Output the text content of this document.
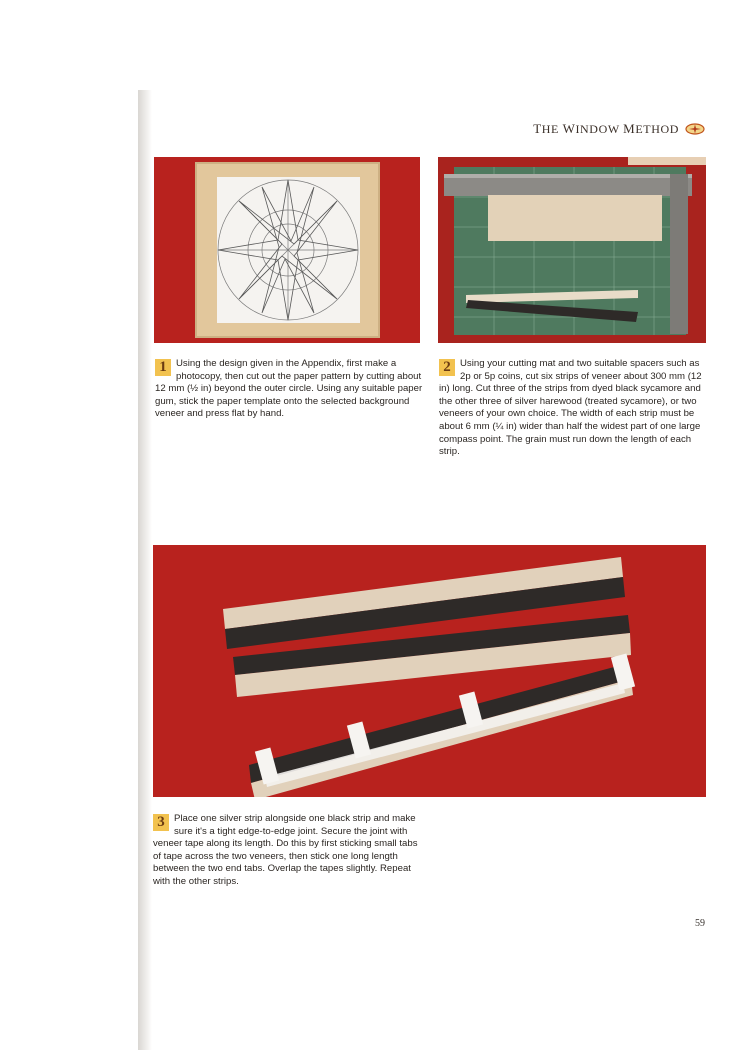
THE WINDOW METHOD
1 Using the design given in the Appendix, first make a photocopy, then cut out the paper pattern by cutting about 12 mm (½ in) beyond the outer circle. Using any suitable paper gum, stick the paper template onto the selected background veneer and press flat by hand.

2 Using your cutting mat and two suitable spacers such as 2p or 5p coins, cut six strips of veneer about 300 mm (12 in) long. Cut three of the strips from dyed black sycamore and the other three of silver harewood (treated sycamore), or two veneers of your own choice. The width of each strip must be about 6 mm (¼ in) wider than half the widest part of one large compass point. The grain must run down the length of each strip.

3 Place one silver strip alongside one black strip and make sure it's a tight edge-to-edge joint. Secure the joint with veneer tape along its length. Do this by first sticking small tabs of tape across the two veneers, then stick one long length between the two end tabs. Overlap the tapes slightly. Repeat with the other strips.

59
